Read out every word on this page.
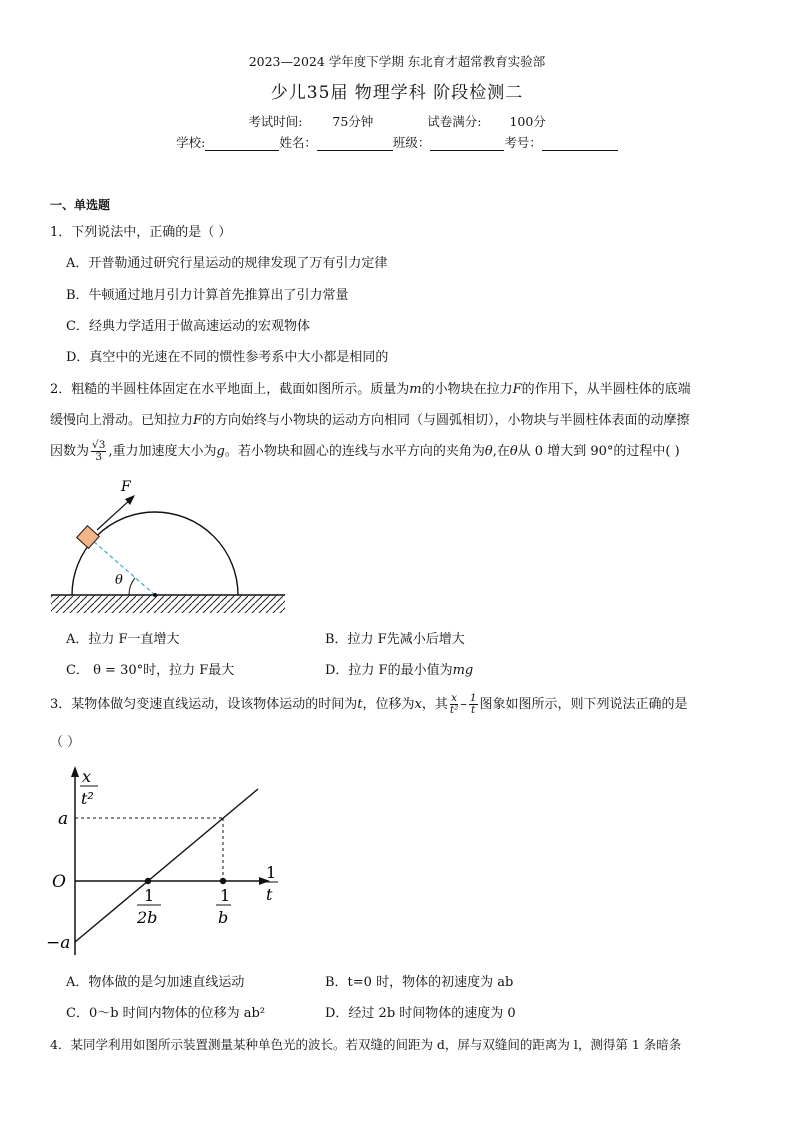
2023—2024 学年度下学期 东北育才超常教育实验部
少儿35届 物理学科 阶段检测二
考试时间: 75分钟	试卷满分: 100分
学校:	姓名：	班级：	考号：
一、单选题
1．下列说法中，正确的是（ ）
A．开普勒通过研究行星运动的规律发现了万有引力定律
B．牛顿通过地月引力计算首先推算出了引力常量
C．经典力学适用于做高速运动的宏观物体
D．真空中的光速在不同的惯性参考系中大小都是相同的
2．粗糙的半圆柱体固定在水平地面上，截面如图所示。质量为m的小物块在拉力F的作用下，从半圆柱体的底端
缓慢向上滑动。已知拉力F的方向始终与小物块的运动方向相同（与圆弧相切），小物块与半圆柱体表面的动摩擦
因数为 $\frac{√3}{3}$ ,重力加速度大小为g。若小物块和圆心的连线与水平方向的夹角为θ,在θ从 0 增大到 90°的过程中( )
θ
F
A．拉力 F一直增大	B．拉力 F先减小后增大
C． θ = 30°时，拉力 F最大	D．拉力 F的最小值为mg
3．某物体做匀变速直线运动，设该物体运动的时间为t，位移为x，其 $\frac{x}{\text{t²}} - \frac{1}{t}$ 图象如图所示，则下列说法正确的是
（ ）
x
t²
a
O
−a
1
2b
1
b
1
t
A．物体做的是匀加速直线运动	B．t=0 时，物体的初速度为 ab
C．0～b 时间内物体的位移为 ab²	D．经过 2b 时间物体的速度为 0
4．某同学利用如图所示装置测量某种单色光的波长。若双缝的间距为 d，屏与双缝间的距离为 l，测得第 1 条暗条
